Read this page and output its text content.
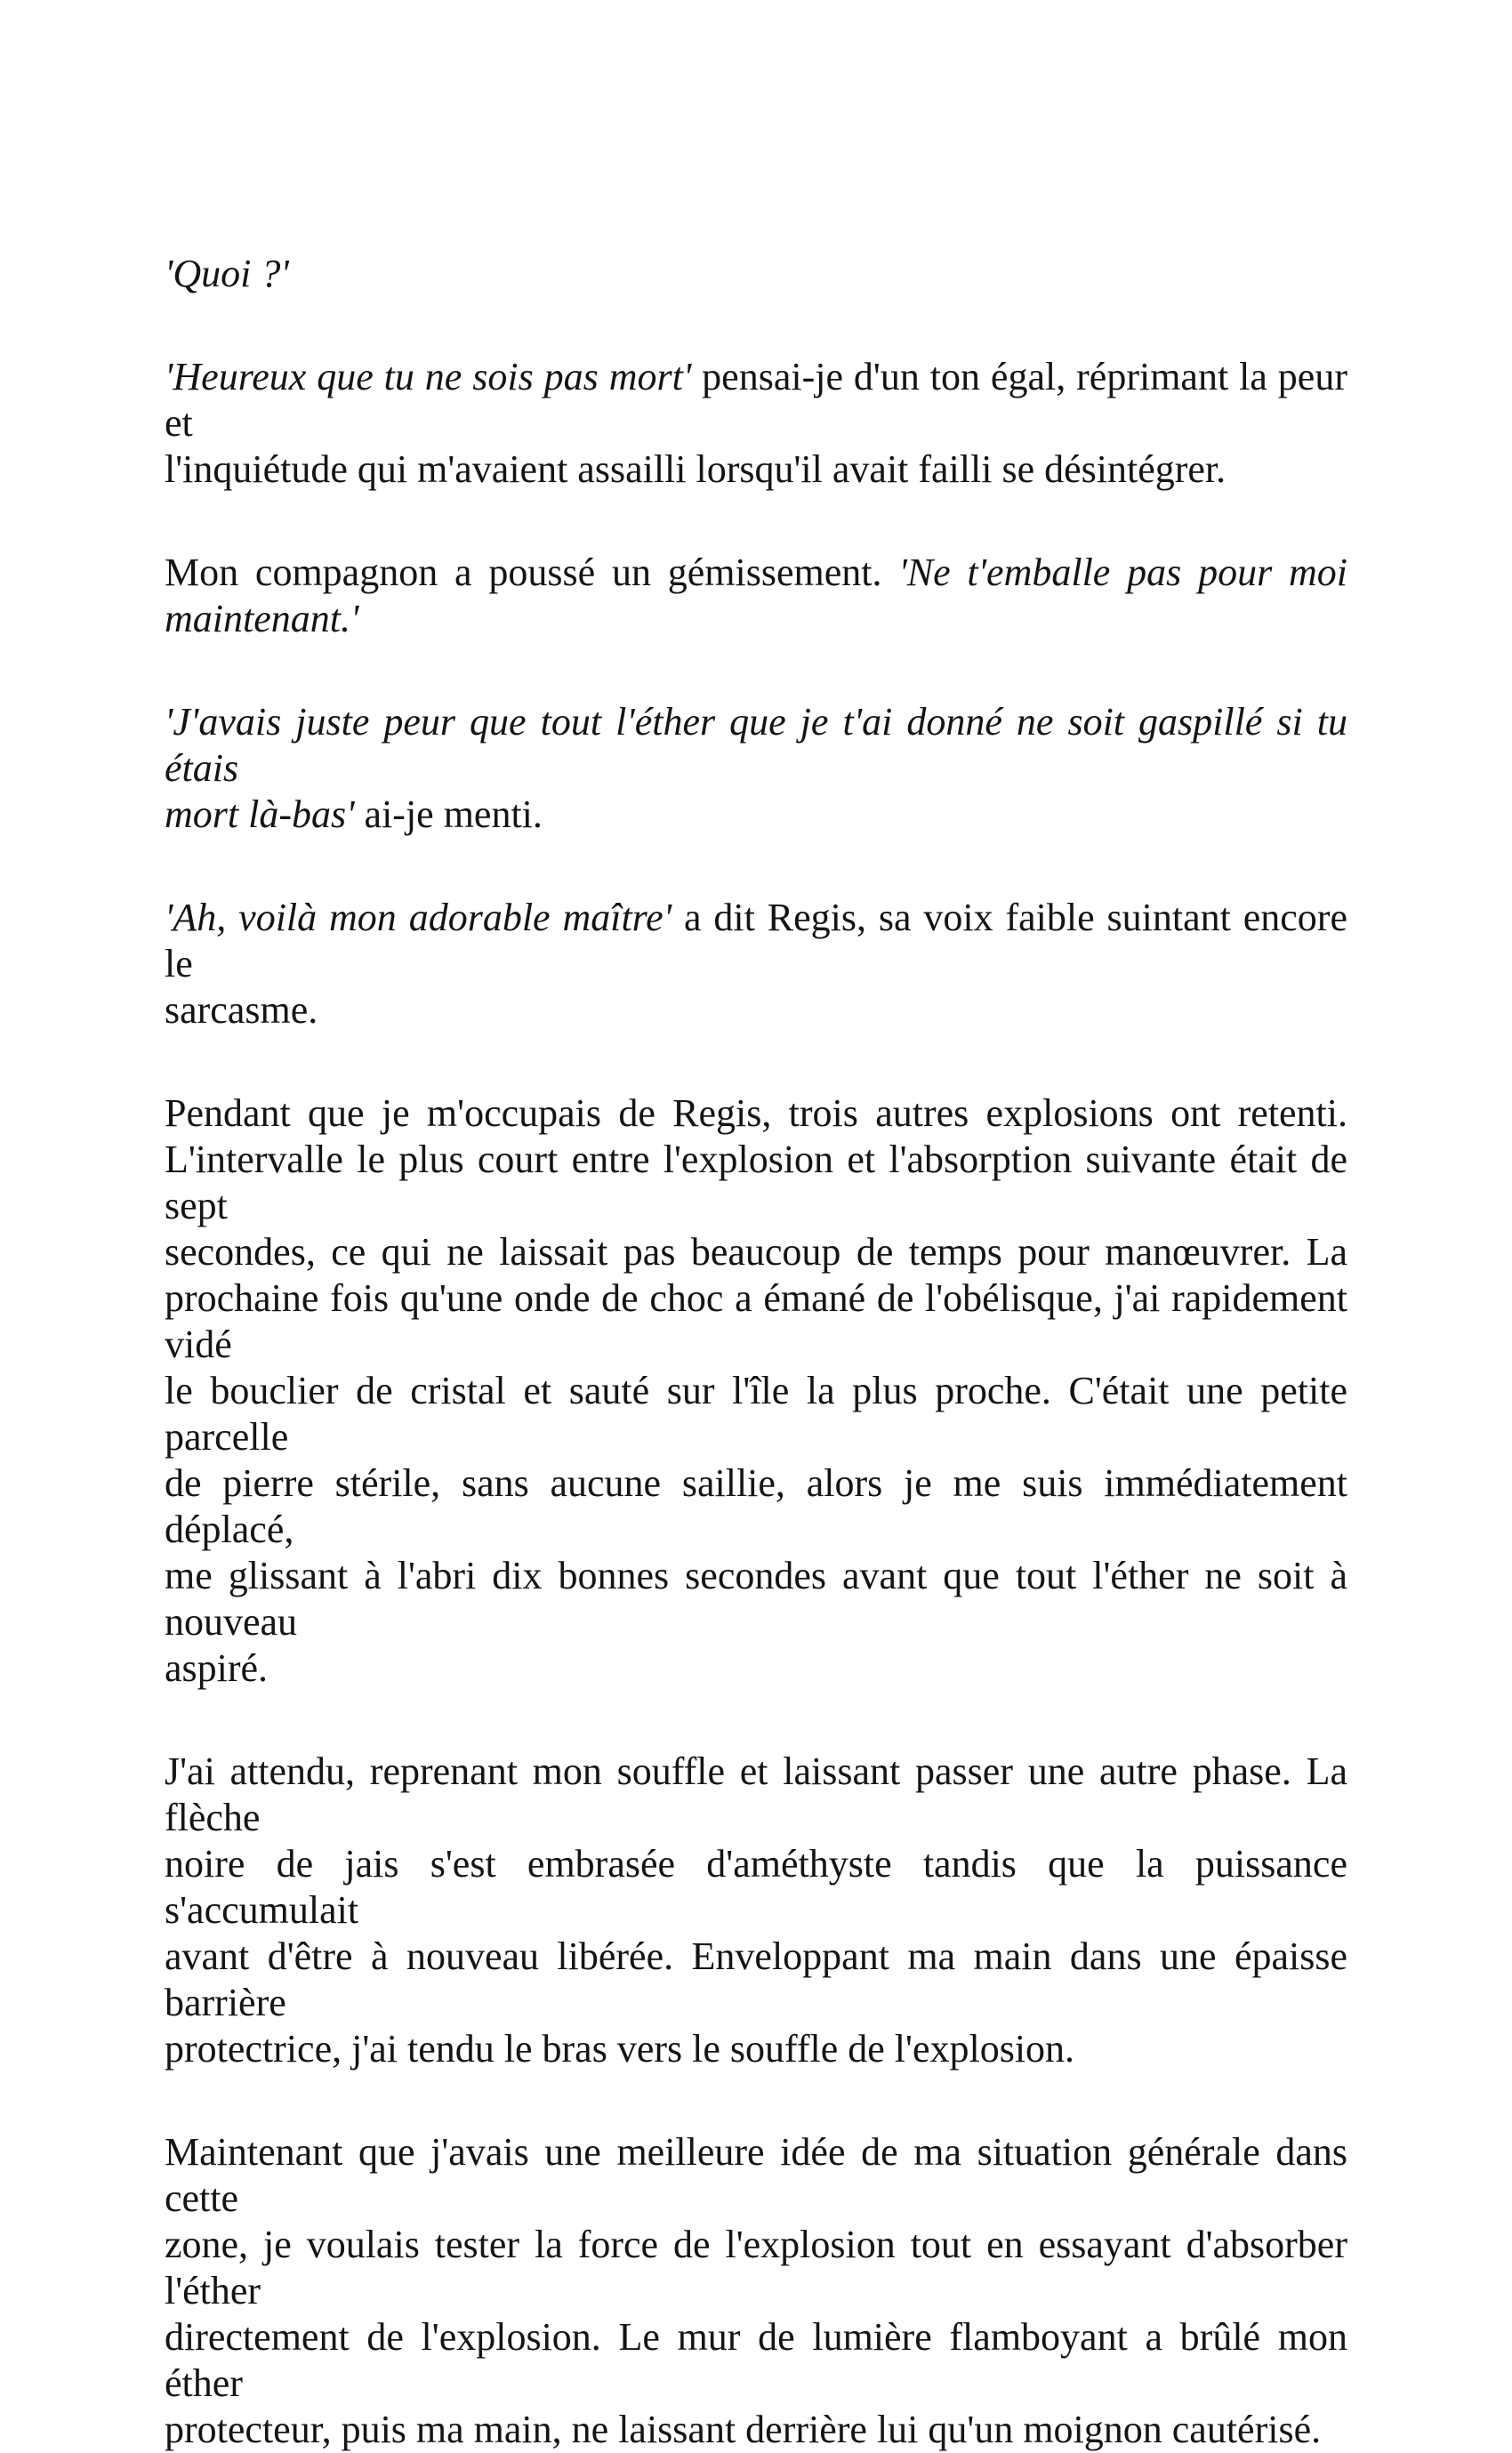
'Quoi ?'
'Heureux que tu ne sois pas mort' pensai-je d'un ton égal, réprimant la peur et
l'inquiétude qui m'avaient assailli lorsqu'il avait failli se désintégrer.
Mon compagnon a poussé un gémissement. 'Ne t'emballe pas pour moi
maintenant.'
'J'avais juste peur que tout l'éther que je t'ai donné ne soit gaspillé si tu étais
mort là-bas' ai-je menti.
'Ah, voilà mon adorable maître' a dit Regis, sa voix faible suintant encore le
sarcasme.
Pendant que je m'occupais de Regis, trois autres explosions ont retenti.
L'intervalle le plus court entre l'explosion et l'absorption suivante était de sept
secondes, ce qui ne laissait pas beaucoup de temps pour manœuvrer. La
prochaine fois qu'une onde de choc a émané de l'obélisque, j'ai rapidement vidé
le bouclier de cristal et sauté sur l'île la plus proche. C'était une petite parcelle
de pierre stérile, sans aucune saillie, alors je me suis immédiatement déplacé,
me glissant à l'abri dix bonnes secondes avant que tout l'éther ne soit à nouveau
aspiré.
J'ai attendu, reprenant mon souffle et laissant passer une autre phase. La flèche
noire de jais s'est embrasée d'améthyste tandis que la puissance s'accumulait
avant d'être à nouveau libérée. Enveloppant ma main dans une épaisse barrière
protectrice, j'ai tendu le bras vers le souffle de l'explosion.
Maintenant que j'avais une meilleure idée de ma situation générale dans cette
zone, je voulais tester la force de l'explosion tout en essayant d'absorber l'éther
directement de l'explosion. Le mur de lumière flamboyant a brûlé mon éther
protecteur, puis ma main, ne laissant derrière lui qu'un moignon cautérisé.
